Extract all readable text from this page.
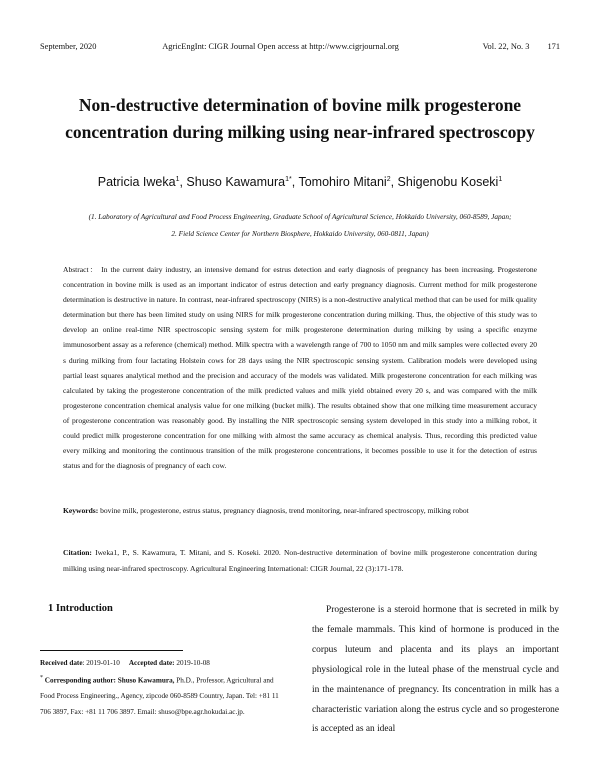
September, 2020	AgricEngInt: CIGR Journal Open access at http://www.cigrjournal.org	Vol. 22, No. 3 171
Non-destructive determination of bovine milk progesterone concentration during milking using near-infrared spectroscopy
Patricia Iweka$^1$, Shuso Kawamura$^{1*}$, Tomohiro Mitani$^2$, Shigenobu Koseki$^1$
(1. Laboratory of Agricultural and Food Process Engineering, Graduate School of Agricultural Science, Hokkaido University, 060-8589, Japan;
2. Field Science Center for Northern Biosphere, Hokkaido University, 060-0811, Japan)

Abstract： In the current dairy industry, an intensive demand for estrus detection and early diagnosis of pregnancy has been increasing. Progesterone concentration in bovine milk is used as an important indicator of estrus detection and early pregnancy diagnosis. Current method for milk progesterone determination is destructive in nature. In contrast, near-infrared spectroscopy (NIRS) is a non-destructive analytical method that can be used for milk quality determination but there has been limited study on using NIRS for milk progesterone concentration during milking. Thus, the objective of this study was to develop an online real-time NIR spectroscopic sensing system for milk progesterone determination during milking by using a specific enzyme immunosorbent assay as a reference (chemical) method. Milk spectra with a wavelength range of 700 to 1050 nm and milk samples were collected every 20 s during milking from four lactating Holstein cows for 28 days using the NIR spectroscopic sensing system. Calibration models were developed using partial least squares analytical method and the precision and accuracy of the models was validated. Milk progesterone concentration for each milking was calculated by taking the progesterone concentration of the milk predicted values and milk yield obtained every 20 s, and was compared with the milk progesterone concentration chemical analysis value for one milking (bucket milk). The results obtained show that one milking time measurement accuracy of progesterone concentration was reasonably good. By installing the NIR spectroscopic sensing system developed in this study into a milking robot, it could predict milk progesterone concentration for one milking with almost the same accuracy as chemical analysis. Thus, recording this predicted value every milking and monitoring the continuous transition of the milk progesterone concentrations, it becomes possible to use it for the detection of estrus status and for the diagnosis of pregnancy of each cow.

Keywords: bovine milk, progesterone, estrus status, pregnancy diagnosis, trend monitoring, near-infrared spectroscopy, milking robot
Citation: Iweka1, P., S. Kawamura, T. Mitani, and S. Koseki. 2020. Non-destructive determination of bovine milk progesterone concentration during milking using near-infrared spectroscopy. Agricultural Engineering International: CIGR Journal, 22 (3):171-178.
1 Introduction

Received date: 2019-01-10 Accepted date: 2019-10-08

* Corresponding author: Shuso Kawamura, Ph.D., Professor, Agricultural and Food Process Engineering., Agency, zipcode 060-8589 Country, Japan. Tel: +81 11 706 3897, Fax: +81 11 706 3897. Email: shuso@bpe.agr.hokudai.ac.jp.

Progesterone is a steroid hormone that is secreted in milk by the female mammals. This kind of hormone is produced in the corpus luteum and placenta and its plays an important physiological role in the luteal phase of the menstrual cycle and in the maintenance of pregnancy. Its concentration in milk has a characteristic variation along the estrus cycle and so progesterone is accepted as an ideal
